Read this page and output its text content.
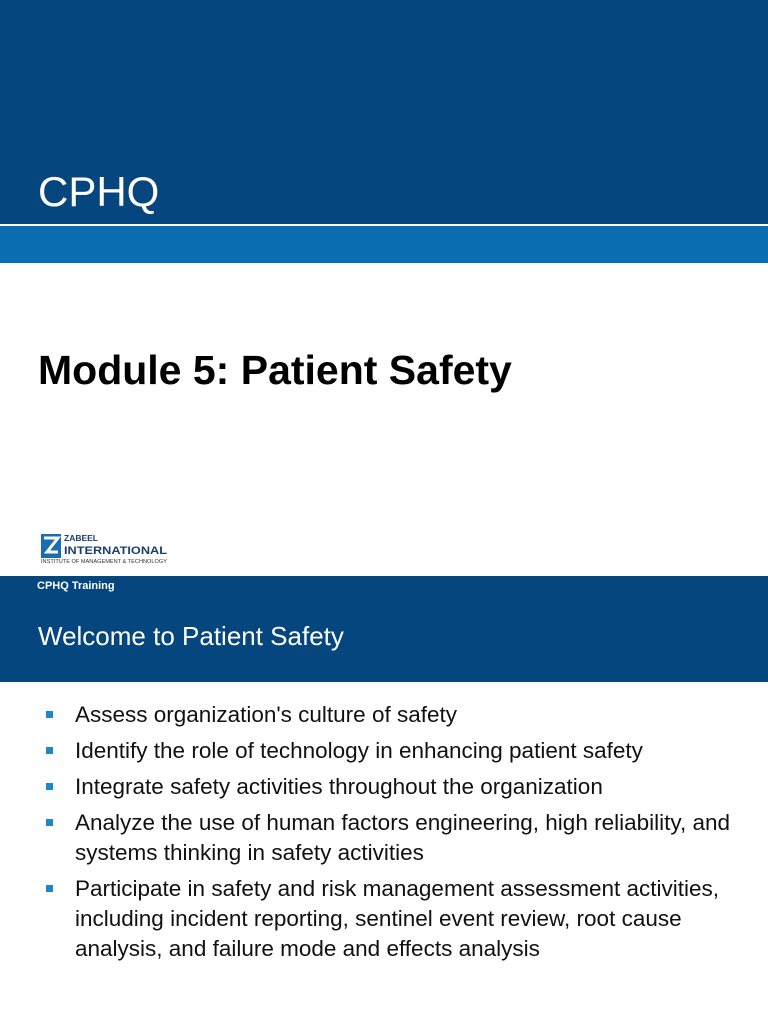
CPHQ
Module 5: Patient Safety
ZABEEL
INTERNATIONAL
INSTITUTE OF MANAGEMENT & TECHNOLOGY
CPHQ Training
Welcome to Patient Safety
Assess organization's culture of safety
Identify the role of technology in enhancing patient safety
Integrate safety activities throughout the organization
Analyze the use of human factors engineering, high reliability, and systems thinking in safety activities
Participate in safety and risk management assessment activities, including incident reporting, sentinel event review, root cause analysis, and failure mode and effects analysis
